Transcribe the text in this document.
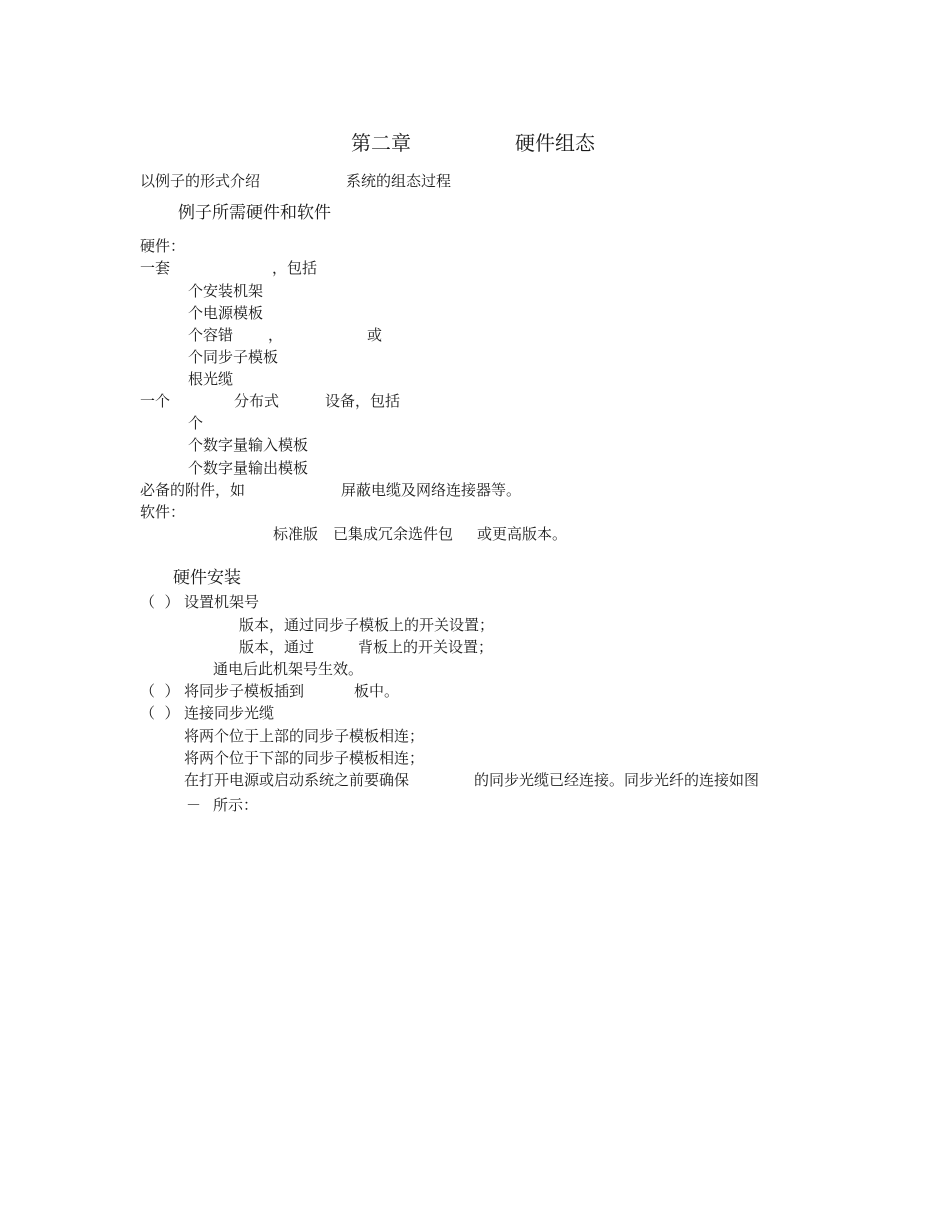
第二章	硬件组态
以例子的形式介绍	系统的组态过程
例子所需硬件和软件
硬件：
一套	，包括
个安装机架
个电源模板
个容错 ，	或
个同步子模板
根光缆
一个	分布式	设备，包括
个
个数字量输入模板
个数字量输出模板
必备的附件，如	屏蔽电缆及网络连接器等。
软件：
标准版 已集成冗余选件包 或更高版本。
硬件安装
（  ） 设置机架号
版本，通过同步子模板上的开关设置；
版本，通过	背板上的开关设置；
通电后此机架号生效。
（  ） 将同步子模板插到	板中。
（  ） 连接同步光缆
将两个位于上部的同步子模板相连；
将两个位于下部的同步子模板相连；
在打开电源或启动系统之前要确保	的同步光缆已经连接。同步光纤的连接如图
－ 所示：
